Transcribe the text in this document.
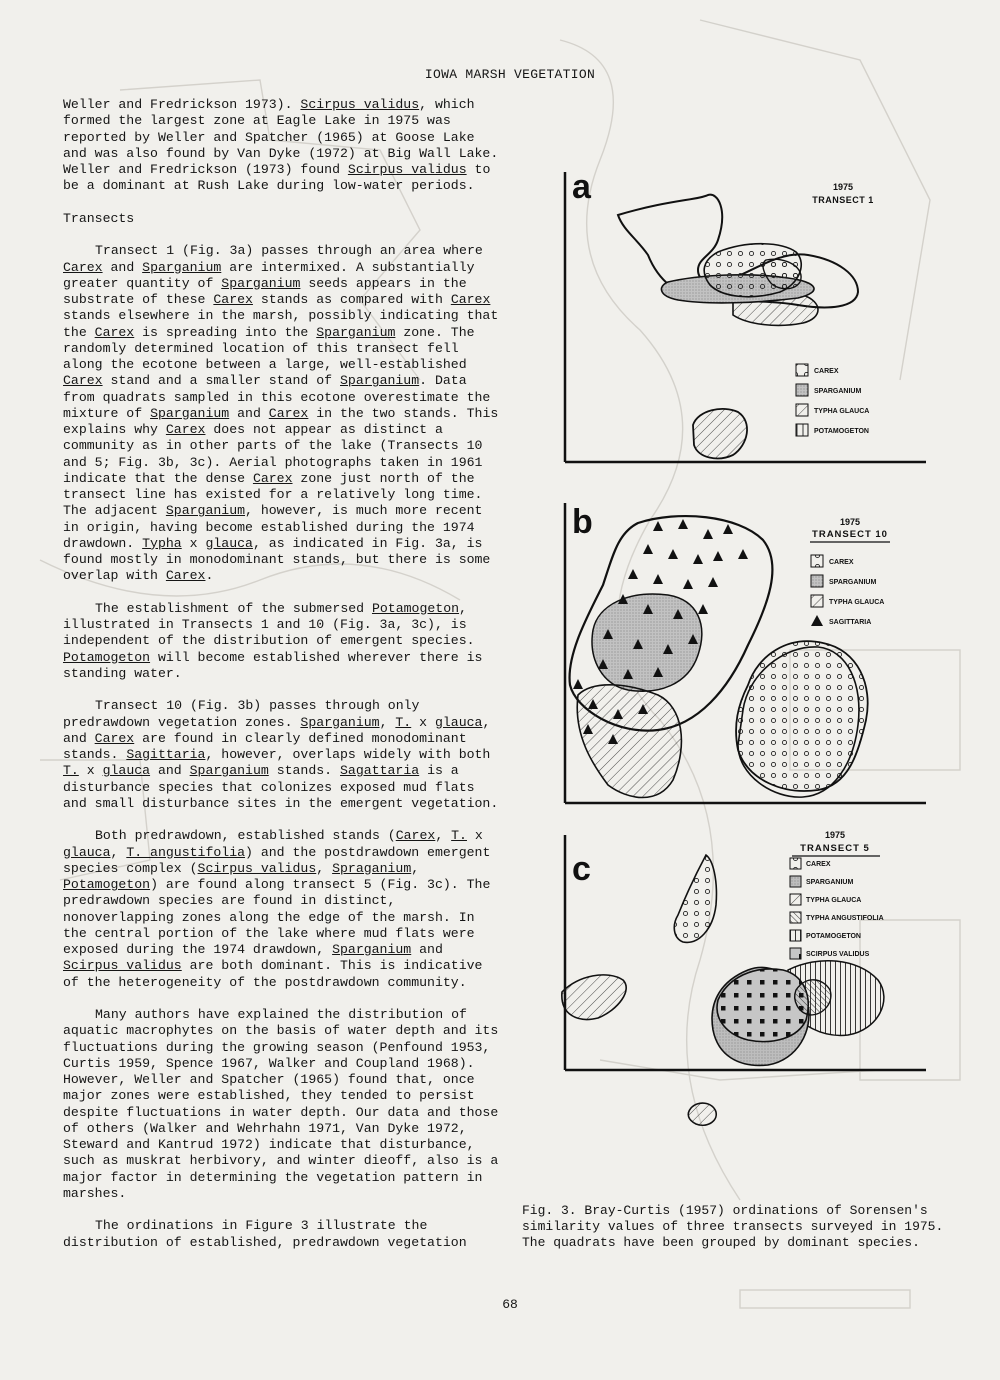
IOWA MARSH VEGETATION

Weller and Fredrickson 1973). Scirpus validus, which formed the largest zone at Eagle Lake in 1975 was reported by Weller and Spatcher (1965) at Goose Lake and was also found by Van Dyke (1972) at Big Wall Lake. Weller and Fredrickson (1973) found Scirpus validus to be a dominant at Rush Lake during low-water periods.

Transects

Transect 1 (Fig. 3a) passes through an area where Carex and Sparganium are intermixed. A substantially greater quantity of Sparganium seeds appears in the substrate of these Carex stands as compared with Carex stands elsewhere in the marsh, possibly indicating that the Carex is spreading into the Sparganium zone. The randomly determined location of this transect fell along the ecotone between a large, well-established Carex stand and a smaller stand of Sparganium. Data from quadrats sampled in this ecotone overestimate the mixture of Sparganium and Carex in the two stands. This explains why Carex does not appear as distinct a community as in other parts of the lake (Transects 10 and 5; Fig. 3b, 3c). Aerial photographs taken in 1961 indicate that the dense Carex zone just north of the transect line has existed for a relatively long time. The adjacent Sparganium, however, is much more recent in origin, having become established during the 1974 drawdown. Typha x glauca, as indicated in Fig. 3a, is found mostly in monodominant stands, but there is some overlap with Carex.

The establishment of the submersed Potamogeton, illustrated in Transects 1 and 10 (Fig. 3a, 3c), is independent of the distribution of emergent species. Potamogeton will become established wherever there is standing water.

Transect 10 (Fig. 3b) passes through only predrawdown vegetation zones. Sparganium, T. x glauca, and Carex are found in clearly defined monodominant stands. Sagittaria, however, overlaps widely with both T. x glauca and Sparganium stands. Sagattaria is a disturbance species that colonizes exposed mud flats and small disturbance sites in the emergent vegetation.

Both predrawdown, established stands (Carex, T. x glauca, T. angustifolia) and the postdrawdown emergent species complex (Scirpus validus, Spraganium, Potamogeton) are found along transect 5 (Fig. 3c). The predrawdown species are found in distinct, nonoverlapping zones along the edge of the marsh. In the central portion of the lake where mud flats were exposed during the 1974 drawdown, Sparganium and Scirpus validus are both dominant. This is indicative of the heterogeneity of the postdrawdown community.

Many authors have explained the distribution of aquatic macrophytes on the basis of water depth and its fluctuations during the growing season (Penfound 1953, Curtis 1959, Spence 1967, Walker and Coupland 1968). However, Weller and Spatcher (1965) found that, once major zones were established, they tended to persist despite fluctuations in water depth. Our data and those of others (Walker and Wehrhahn 1971, Van Dyke 1972, Steward and Kantrud 1972) indicate that disturbance, such as muskrat herbivory, and winter dieoff, also is a major factor in determining the vegetation pattern in marshes.

The ordinations in Figure 3 illustrate the distribution of established, predrawdown vegetation

a	1975
TRANSECT 1
CAREX
SPARGANIUM
TYPHA GLAUCA
POTAMOGETON
b	1975
TRANSECT 10
CAREX
SPARGANIUM
TYPHA GLAUCA
SAGITTARIA
c
1975
TRANSECT 5
CAREX
SPARGANIUM
TYPHA GLAUCA
TYPHA ANGUSTIFOLIA
POTAMOGETON
SCIRPUS VALIDUS
Fig. 3. Bray-Curtis (1957) ordinations of Sorensen's similarity values of three transects surveyed in 1975. The quadrats have been grouped by dominant species.
68
